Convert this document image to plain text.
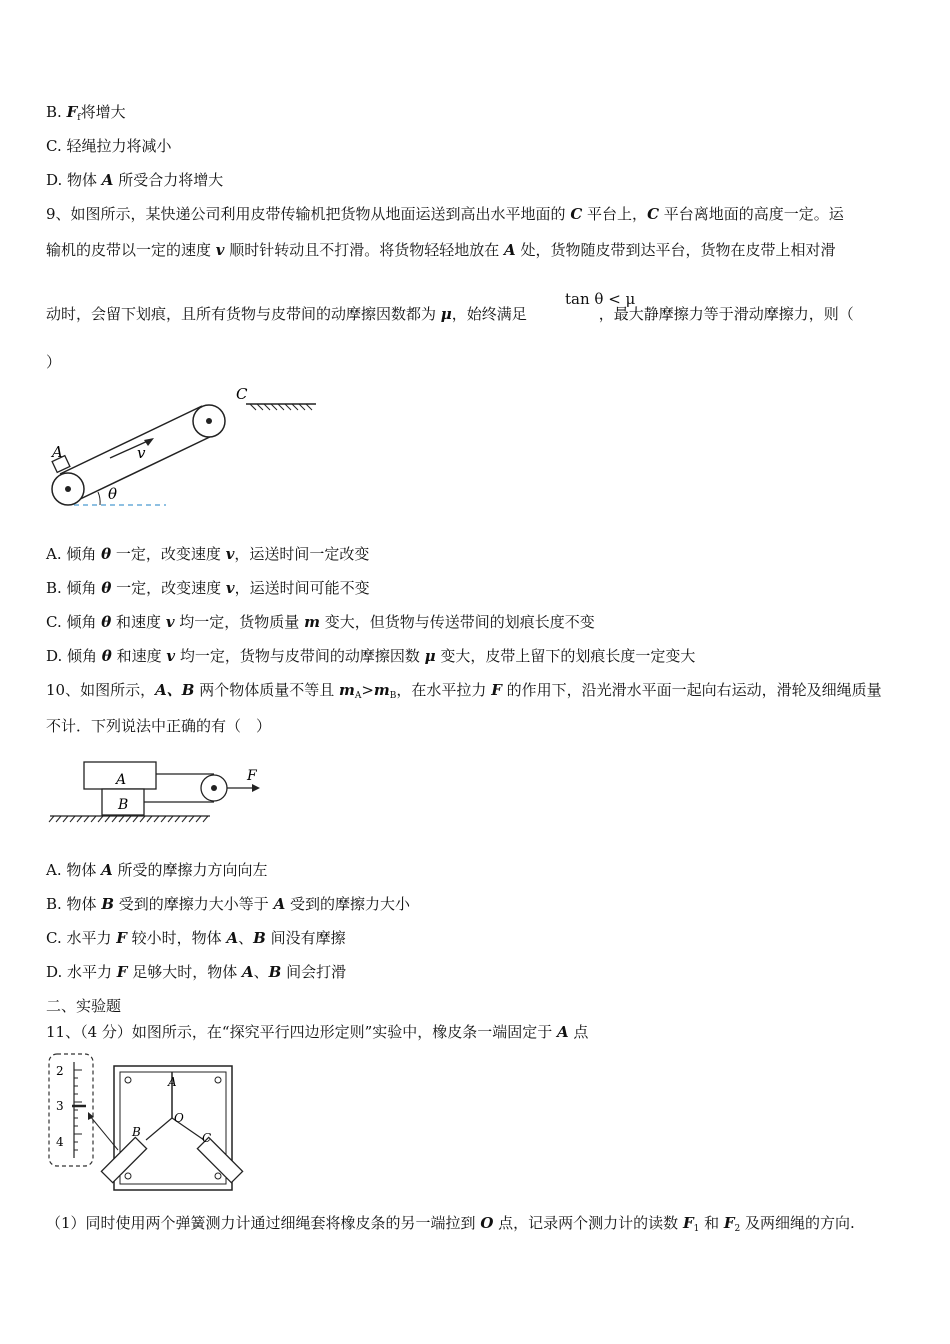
B. $F_f$将增大
C. 轻绳拉力将减小
D. 物体 A 所受合力将增大
9、如图所示，某快递公司利用皮带传输机把货物从地面运送到高出水平地面的 C 平台上，C 平台离地面的高度一定。运
输机的皮带以一定的速度 v 顺时针转动且不打滑。将货物轻轻地放在 A 处，货物随皮带到达平台，货物在皮带上相对滑
动时，会留下划痕，且所有货物与皮带间的动摩擦因数都为 μ，始终满足	，最大静摩擦力等于滑动摩擦力，则（
tan θ < μ
）
C
A	v
θ
A. 倾角 θ 一定，改变速度 v，运送时间一定改变
B. 倾角 θ 一定，改变速度 v，运送时间可能不变
C. 倾角 θ 和速度 v 均一定，货物质量 m 变大，但货物与传送带间的划痕长度不变
D. 倾角 θ 和速度 v 均一定，货物与皮带间的动摩擦因数 μ 变大，皮带上留下的划痕长度一定变大
10、如图所示，A、B 两个物体质量不等且 $m_A>m_B$，在水平拉力 F 的作用下，沿光滑水平面一起向右运动，滑轮及细绳质量
不计．下列说法中正确的有（　）
A
B
F
A. 物体 A 所受的摩擦力方向向左
B. 物体 B 受到的摩擦力大小等于 A 受到的摩擦力大小
C. 水平力 F 较小时，物体 A、B 间没有摩擦
D. 水平力 F 足够大时，物体 A、B 间会打滑
二、实验题
11、（4 分）如图所示，在“探究平行四边形定则”实验中，橡皮条一端固定于 A 点
2
3
4
A
O
B	C
（1）同时使用两个弹簧测力计通过细绳套将橡皮条的另一端拉到 O 点，记录两个测力计的读数 $F_1$ 和 $F_2$ 及两细绳的方向.
